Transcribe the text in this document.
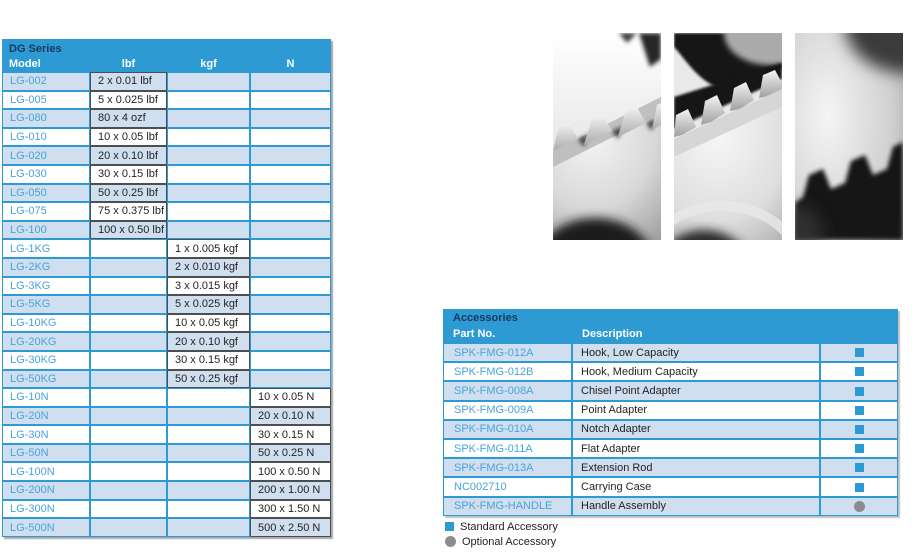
DG Series			
Model	lbf	kgf	N
LG-002	2 x 0.01 lbf		
LG-005	5 x 0.025 lbf		
LG-080	80 x 4 ozf		
LG-010	10 x 0.05 lbf		
LG-020	20 x 0.10 lbf		
LG-030	30 x 0.15 lbf		
LG-050	50 x 0.25 lbf		
LG-075	75 x 0.375 lbf		
LG-100	100 x 0.50 lbf		
LG-1KG		1 x 0.005 kgf	
LG-2KG		2 x 0.010 kgf	
LG-3KG		3 x 0.015 kgf	
LG-5KG		5 x 0.025 kgf	
LG-10KG		10 x 0.05 kgf	
LG-20KG		20 x 0.10 kgf	
LG-30KG		30 x 0.15 kgf	
LG-50KG		50 x 0.25 kgf	
LG-10N			10 x 0.05 N
LG-20N			20 x 0.10 N
LG-30N			30 x 0.15 N
LG-50N			50 x 0.25 N
LG-100N			100 x 0.50 N
LG-200N			200 x 1.00 N
LG-300N			300 x 1.50 N
LG-500N			500 x 2.50 N
Accessories		
Part No.	Description	
SPK-FMG-012A	Hook, Low Capacity	
SPK-FMG-012B	Hook, Medium Capacity	
SPK-FMG-008A	Chisel Point Adapter	
SPK-FMG-009A	Point Adapter	
SPK-FMG-010A	Notch Adapter	
SPK-FMG-011A	Flat Adapter	
SPK-FMG-013A	Extension Rod	
NC002710	Carrying Case	
SPK-FMG-HANDLE	Handle Assembly	
Standard Accessory
Optional Accessory
